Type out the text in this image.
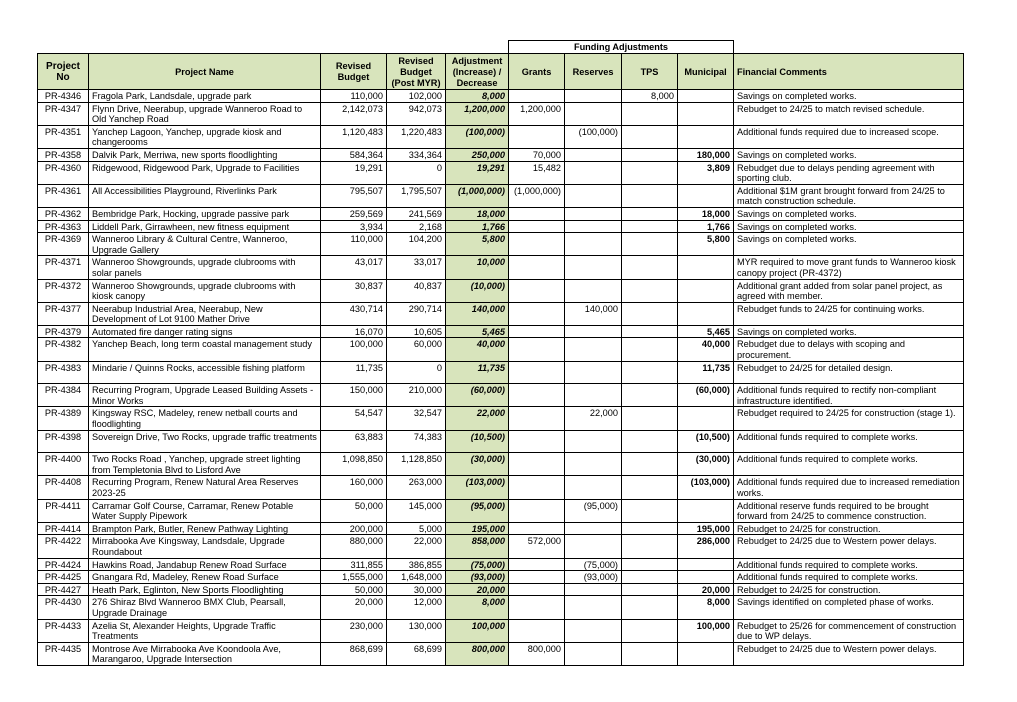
					Funding Adjustments				
Project No	Project Name	Revised Budget	Revised Budget (Post MYR)	Adjustment (Increase) / Decrease	Grants	Reserves	TPS	Municipal	Financial Comments
PR-4346	Fragola Park, Landsdale, upgrade park	110,000	102,000	8,000			8,000		Savings on completed works.
PR-4347	Flynn Drive, Neerabup, upgrade Wanneroo Road to Old Yanchep Road	2,142,073	942,073	1,200,000	1,200,000				Rebudget to 24/25 to match revised schedule.
PR-4351	Yanchep Lagoon, Yanchep, upgrade kiosk and changerooms	1,120,483	1,220,483	(100,000)		(100,000)			Additional funds required due to increased scope.
PR-4358	Dalvik Park, Merriwa, new sports floodlighting	584,364	334,364	250,000	70,000			180,000	Savings on completed works.
PR-4360	Ridgewood, Ridgewood Park, Upgrade to Facilities	19,291	0	19,291	15,482			3,809	Rebudget due to delays pending agreement with sporting club.
PR-4361	All Accessibilities Playground, Riverlinks Park	795,507	1,795,507	(1,000,000)	(1,000,000)				Additional $1M grant brought forward from 24/25 to match construction schedule.
PR-4362	Bembridge Park, Hocking, upgrade passive park	259,569	241,569	18,000				18,000	Savings on completed works.
PR-4363	Liddell Park, Girrawheen, new fitness equipment	3,934	2,168	1,766				1,766	Savings on completed works.
PR-4369	Wanneroo Library & Cultural Centre, Wanneroo, Upgrade Gallery	110,000	104,200	5,800				5,800	Savings on completed works.
PR-4371	Wanneroo Showgrounds, upgrade clubrooms with solar panels	43,017	33,017	10,000					MYR required to move grant funds to Wanneroo kiosk canopy project (PR-4372)
PR-4372	Wanneroo Showgrounds, upgrade clubrooms with kiosk canopy	30,837	40,837	(10,000)					Additional grant added from solar panel project, as agreed with member.
PR-4377	Neerabup Industrial Area, Neerabup, New Development of Lot 9100 Mather Drive	430,714	290,714	140,000		140,000			Rebudget funds to 24/25 for continuing works.
PR-4379	Automated fire danger rating signs	16,070	10,605	5,465				5,465	Savings on completed works.
PR-4382	Yanchep Beach, long term coastal management study	100,000	60,000	40,000				40,000	Rebudget due to delays with scoping and procurement.
PR-4383	Mindarie / Quinns Rocks, accessible fishing platform	11,735	0	11,735				11,735	Rebudget to 24/25 for detailed design.
PR-4384	Recurring Program, Upgrade Leased Building Assets - Minor Works	150,000	210,000	(60,000)				(60,000)	Additional funds required to rectify non-compliant infrastructure identified.
PR-4389	Kingsway RSC, Madeley, renew netball courts and floodlighting	54,547	32,547	22,000		22,000			Rebudget required to 24/25 for construction (stage 1).
PR-4398	Sovereign Drive, Two Rocks, upgrade traffic treatments	63,883	74,383	(10,500)				(10,500)	Additional funds required to complete works.
PR-4400	Two Rocks Road , Yanchep, upgrade street lighting from Templetonia Blvd to Lisford Ave	1,098,850	1,128,850	(30,000)				(30,000)	Additional funds required to complete works.
PR-4408	Recurring Program, Renew Natural Area Reserves 2023-25	160,000	263,000	(103,000)				(103,000)	Additional funds required due to increased remediation works.
PR-4411	Carramar Golf Course, Carramar, Renew Potable Water Supply Pipework	50,000	145,000	(95,000)		(95,000)			Additional reserve funds required to be brought forward from 24/25 to commence construction.
PR-4414	Brampton Park, Butler, Renew Pathway Lighting	200,000	5,000	195,000				195,000	Rebudget to 24/25 for construction.
PR-4422	Mirrabooka Ave Kingsway, Landsdale, Upgrade Roundabout	880,000	22,000	858,000	572,000			286,000	Rebudget to 24/25 due to Western power delays.
PR-4424	Hawkins Road, Jandabup Renew Road Surface	311,855	386,855	(75,000)		(75,000)			Additional funds required to complete works.
PR-4425	Gnangara Rd, Madeley, Renew Road Surface	1,555,000	1,648,000	(93,000)		(93,000)			Additional funds required to complete works.
PR-4427	Heath Park, Eglinton, New Sports Floodlighting	50,000	30,000	20,000				20,000	Rebudget to 24/25 for construction.
PR-4430	276 Shiraz Blvd Wanneroo BMX Club, Pearsall, Upgrade Drainage	20,000	12,000	8,000				8,000	Savings identified on completed phase of works.
PR-4433	Azelia St, Alexander Heights, Upgrade Traffic Treatments	230,000	130,000	100,000				100,000	Rebudget to 25/26 for commencement of construction due to WP delays.
PR-4435	Montrose Ave Mirrabooka Ave Koondoola Ave, Marangaroo, Upgrade Intersection	868,699	68,699	800,000	800,000				Rebudget to 24/25 due to Western power delays.
